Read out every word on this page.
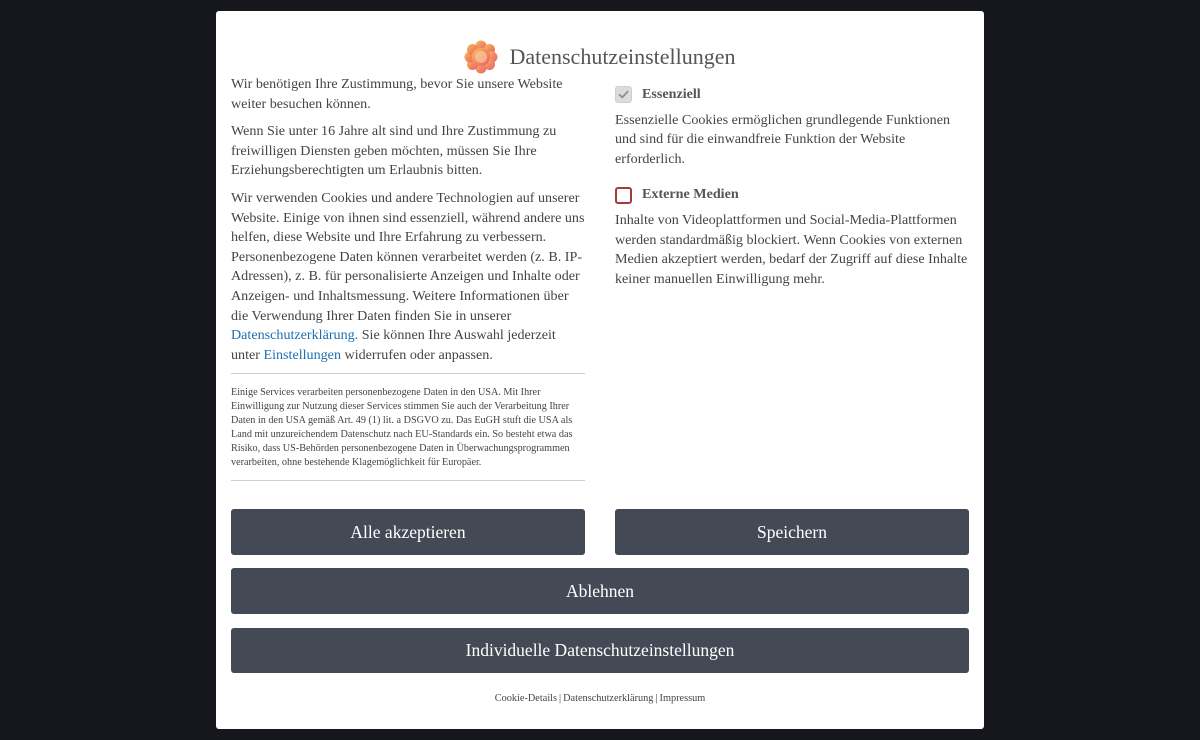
Datenschutzeinstellungen

Wir benötigen Ihre Zustimmung, bevor Sie unsere Website weiter besuchen können.

Wenn Sie unter 16 Jahre alt sind und Ihre Zustimmung zu freiwilligen Diensten geben möchten, müssen Sie Ihre Erziehungsberechtigten um Erlaubnis bitten.

Wir verwenden Cookies und andere Technologien auf unserer Website. Einige von ihnen sind essenziell, während andere uns helfen, diese Website und Ihre Erfahrung zu verbessern. Personenbezogene Daten können verarbeitet werden (z. B. IP-Adressen), z. B. für personalisierte Anzeigen und Inhalte oder Anzeigen- und Inhaltsmessung. Weitere Informationen über die Verwendung Ihrer Daten finden Sie in unserer Datenschutzerklärung. Sie können Ihre Auswahl jederzeit unter Einstellungen widerrufen oder anpassen.

Einige Services verarbeiten personenbezogene Daten in den USA. Mit Ihrer Einwilligung zur Nutzung dieser Services stimmen Sie auch der Verarbeitung Ihrer Daten in den USA gemäß Art. 49 (1) lit. a DSGVO zu. Das EuGH stuft die USA als Land mit unzureichendem Datenschutz nach EU-Standards ein. So besteht etwa das Risiko, dass US-Behörden personenbezogene Daten in Überwachungsprogrammen verarbeiten, ohne bestehende Klagemöglichkeit für Europäer.

Essenziell

Essenzielle Cookies ermöglichen grundlegende Funktionen und sind für die einwandfreie Funktion der Website erforderlich.

Externe Medien

Inhalte von Videoplattformen und Social-Media-Plattformen werden standardmäßig blockiert. Wenn Cookies von externen Medien akzeptiert werden, bedarf der Zugriff auf diese Inhalte keiner manuellen Einwilligung mehr.

Alle akzeptieren	Speichern
Ablehnen
Individuelle Datenschutzeinstellungen
Cookie-Details | Datenschutzerklärung | Impressum
